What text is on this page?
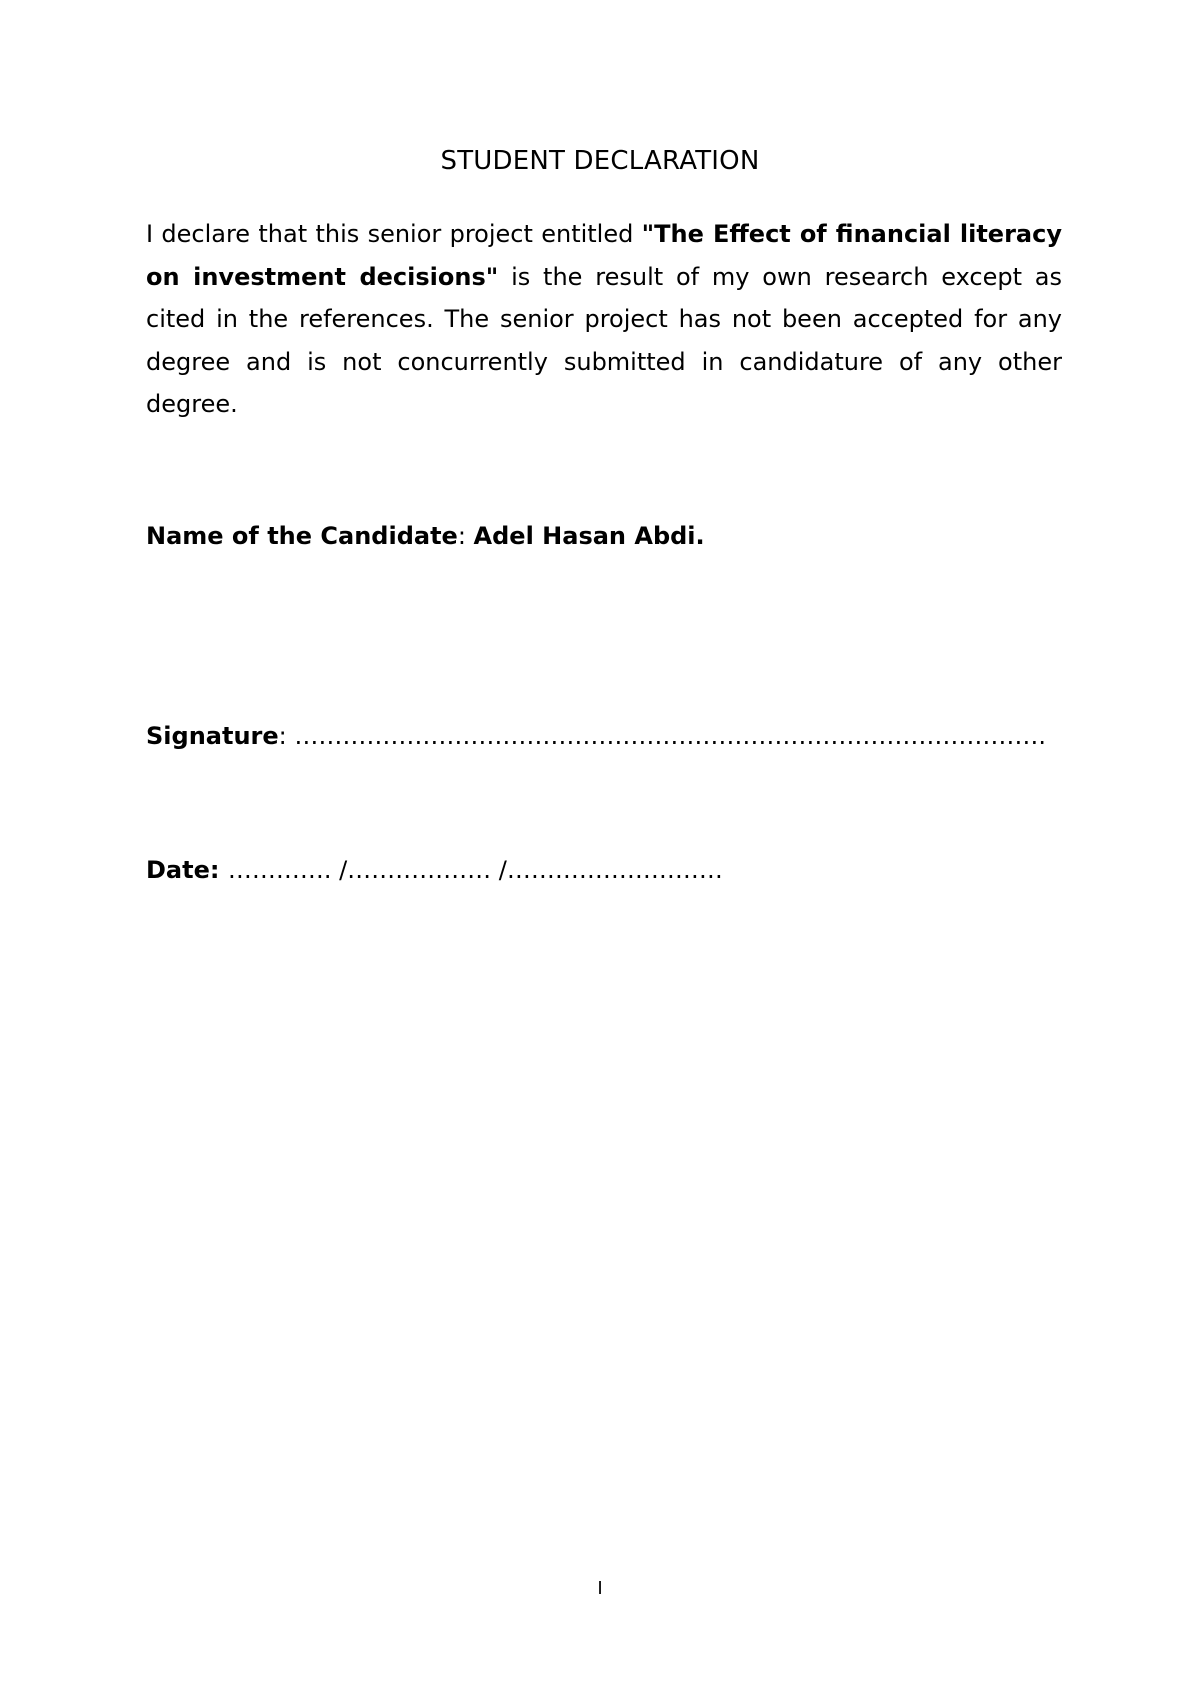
STUDENT DECLARATION

I declare that this senior project entitled "The Effect of financial literacy on investment decisions" is the result of my own research except as cited in the references. The senior project has not been accepted for any degree and is not concurrently submitted in candidature of any other degree.

Name of the Candidate: Adel Hasan Abdi.
Signature: ………………………………………………………………………………….
Date: …………. /……………… /………………………
I
